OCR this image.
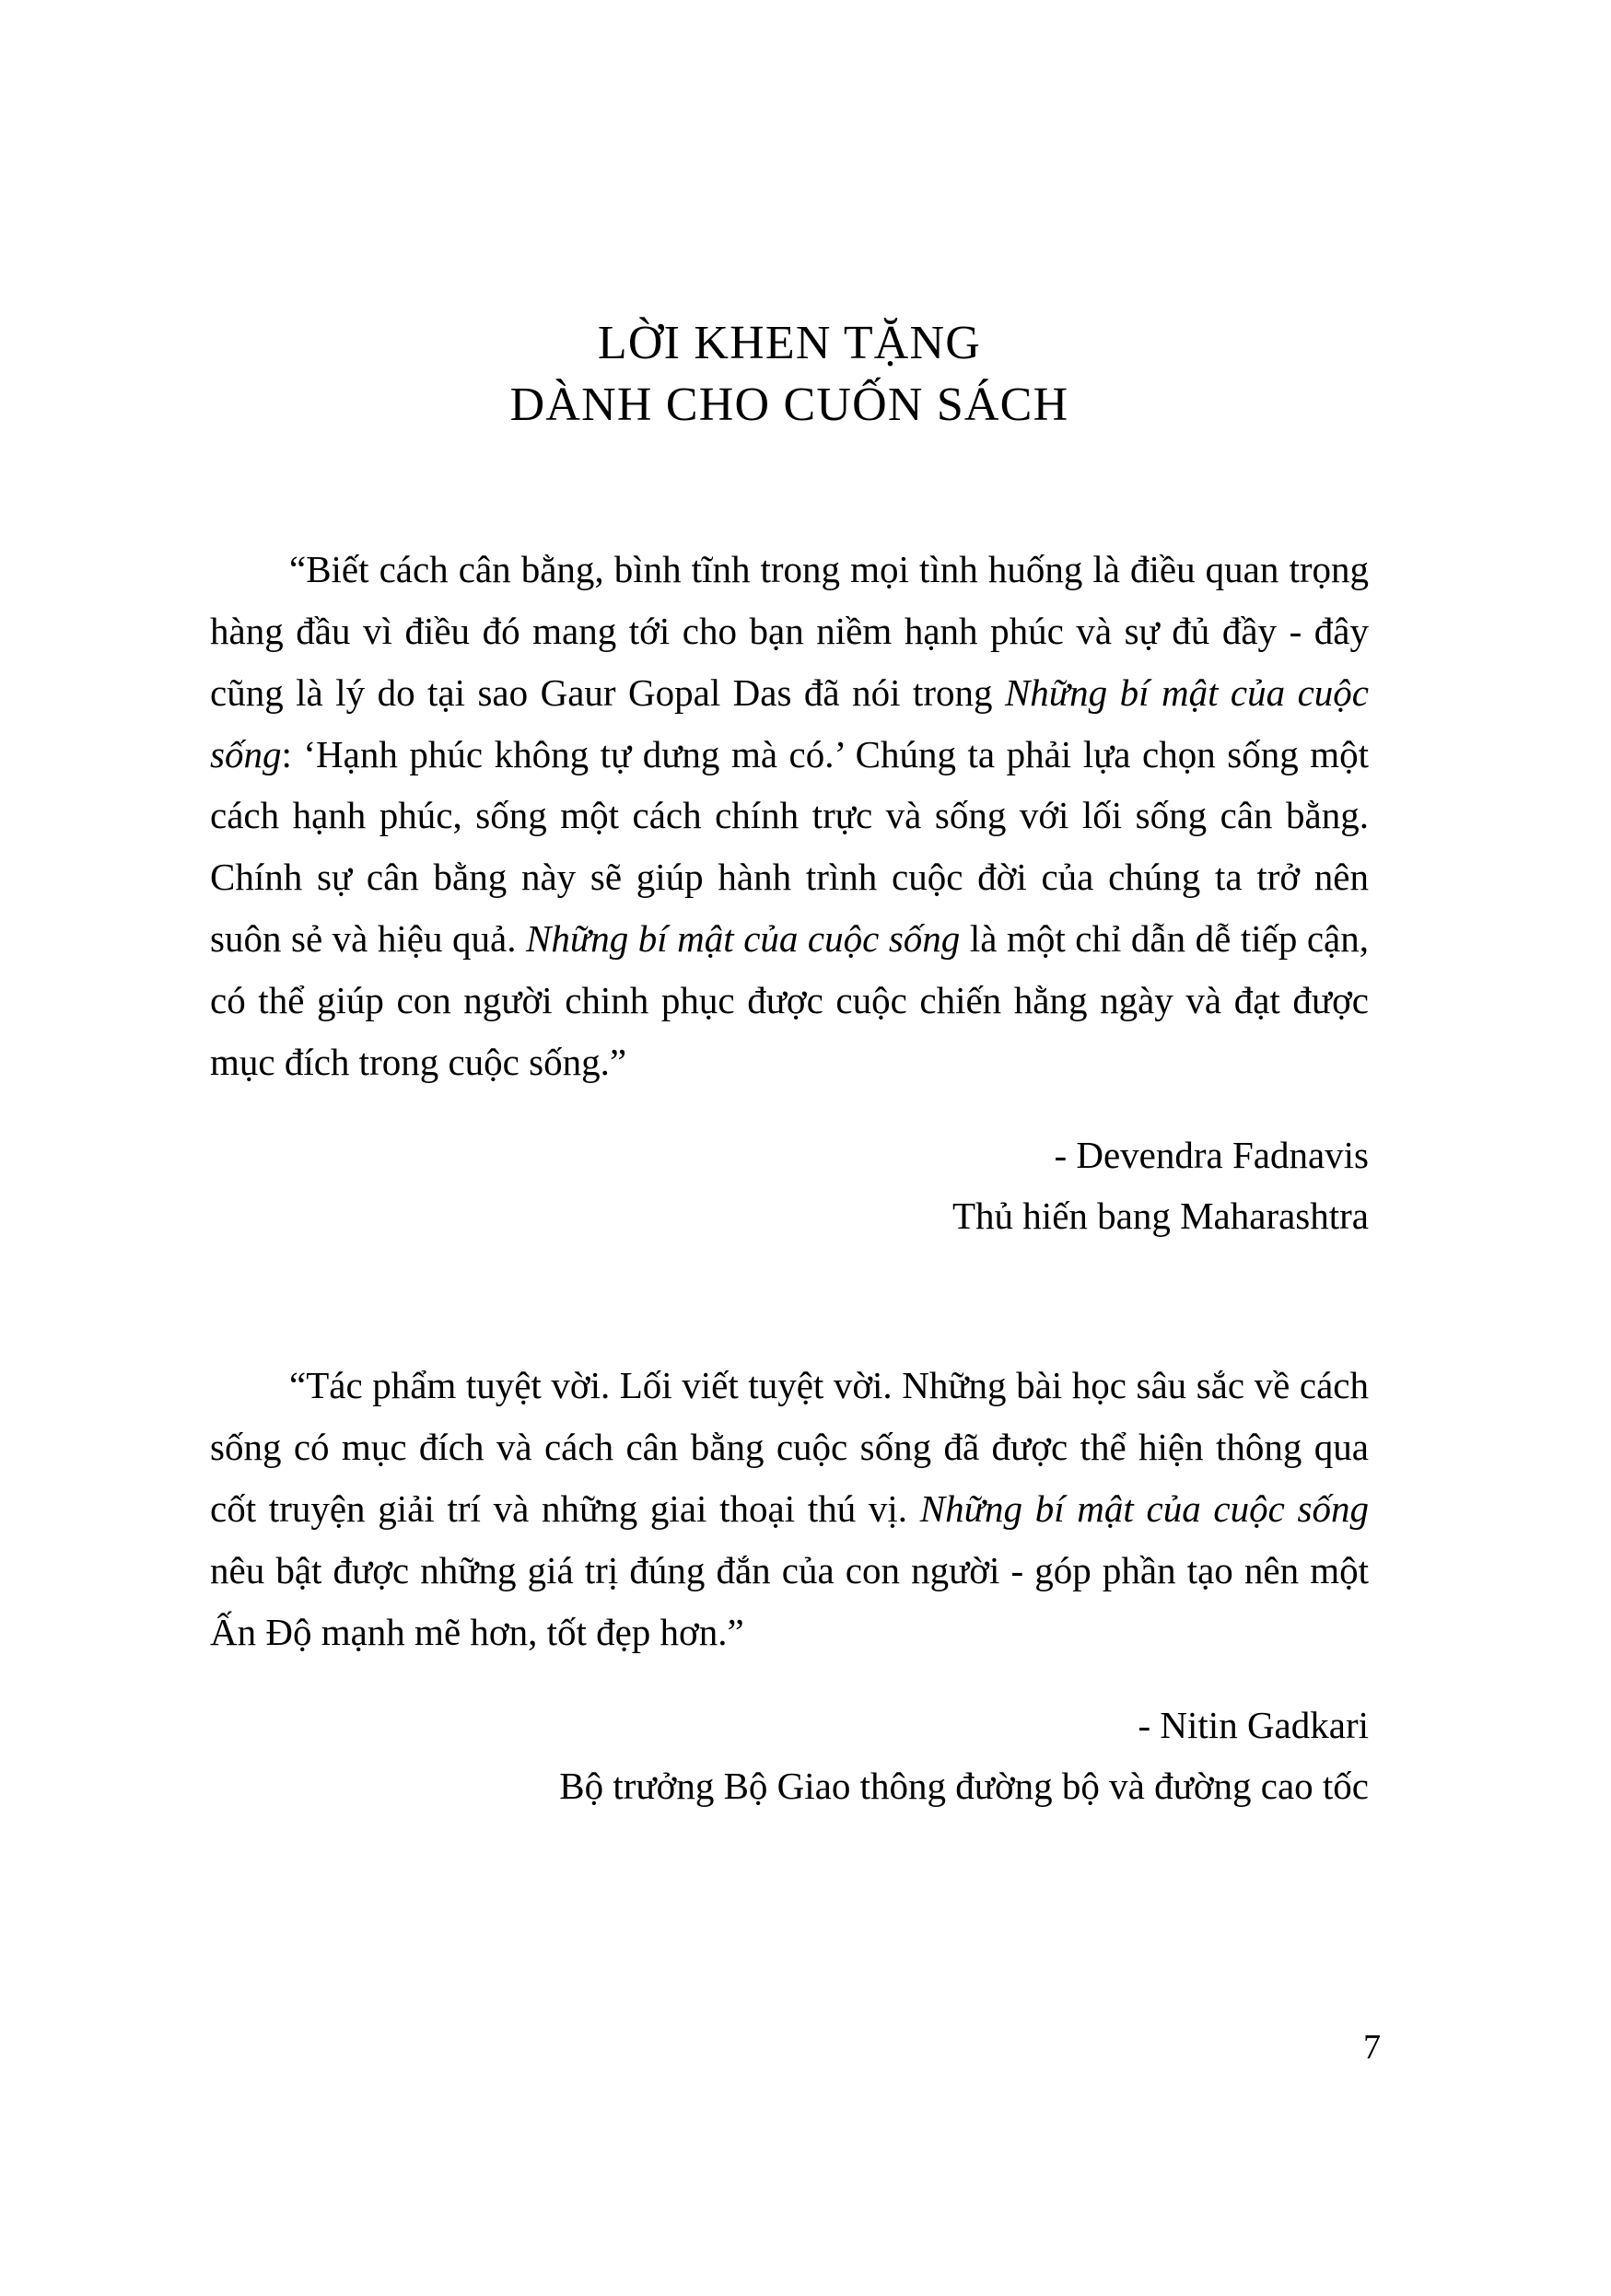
LỜI KHEN TẶNG
DÀNH CHO CUỐN SÁCH

“Biết cách cân bằng, bình tĩnh trong mọi tình huống là điều quan trọng hàng đầu vì điều đó mang tới cho bạn niềm hạnh phúc và sự đủ đầy - đây cũng là lý do tại sao Gaur Gopal Das đã nói trong Những bí mật của cuộc sống: ‘Hạnh phúc không tự dưng mà có.’ Chúng ta phải lựa chọn sống một cách hạnh phúc, sống một cách chính trực và sống với lối sống cân bằng. Chính sự cân bằng này sẽ giúp hành trình cuộc đời của chúng ta trở nên suôn sẻ và hiệu quả. Những bí mật của cuộc sống là một chỉ dẫn dễ tiếp cận, có thể giúp con người chinh phục được cuộc chiến hằng ngày và đạt được mục đích trong cuộc sống.”

- Devendra Fadnavis
Thủ hiến bang Maharashtra

“Tác phẩm tuyệt vời. Lối viết tuyệt vời. Những bài học sâu sắc về cách sống có mục đích và cách cân bằng cuộc sống đã được thể hiện thông qua cốt truyện giải trí và những giai thoại thú vị. Những bí mật của cuộc sống nêu bật được những giá trị đúng đắn của con người - góp phần tạo nên một Ấn Độ mạnh mẽ hơn, tốt đẹp hơn.”

- Nitin Gadkari
Bộ trưởng Bộ Giao thông đường bộ và đường cao tốc
7
